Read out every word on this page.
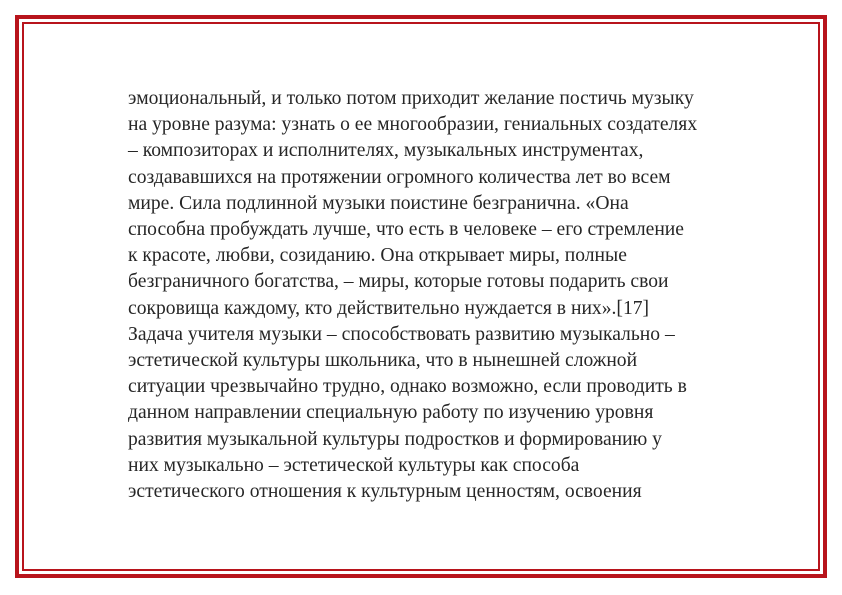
эмоциональный, и только потом приходит желание постичь музыку
на уровне разума: узнать о ее многообразии, гениальных создателях
– композиторах и исполнителях, музыкальных инструментах,
создававшихся на протяжении огромного количества лет во всем
мире. Сила подлинной музыки поистине безгранична. «Она
способна пробуждать лучше, что есть в человеке – его стремление
к красоте, любви, созиданию. Она открывает миры, полные
безграничного богатства, – миры, которые готовы подарить свои
сокровища каждому, кто действительно нуждается в них».[17]
Задача учителя музыки – способствовать развитию музыкально –
эстетической культуры школьника, что в нынешней сложной
ситуации чрезвычайно трудно, однако возможно, если проводить в
данном направлении специальную работу по изучению уровня
развития музыкальной культуры подростков и формированию у
них музыкально – эстетической культуры как способа
эстетического отношения к культурным ценностям, освоения
